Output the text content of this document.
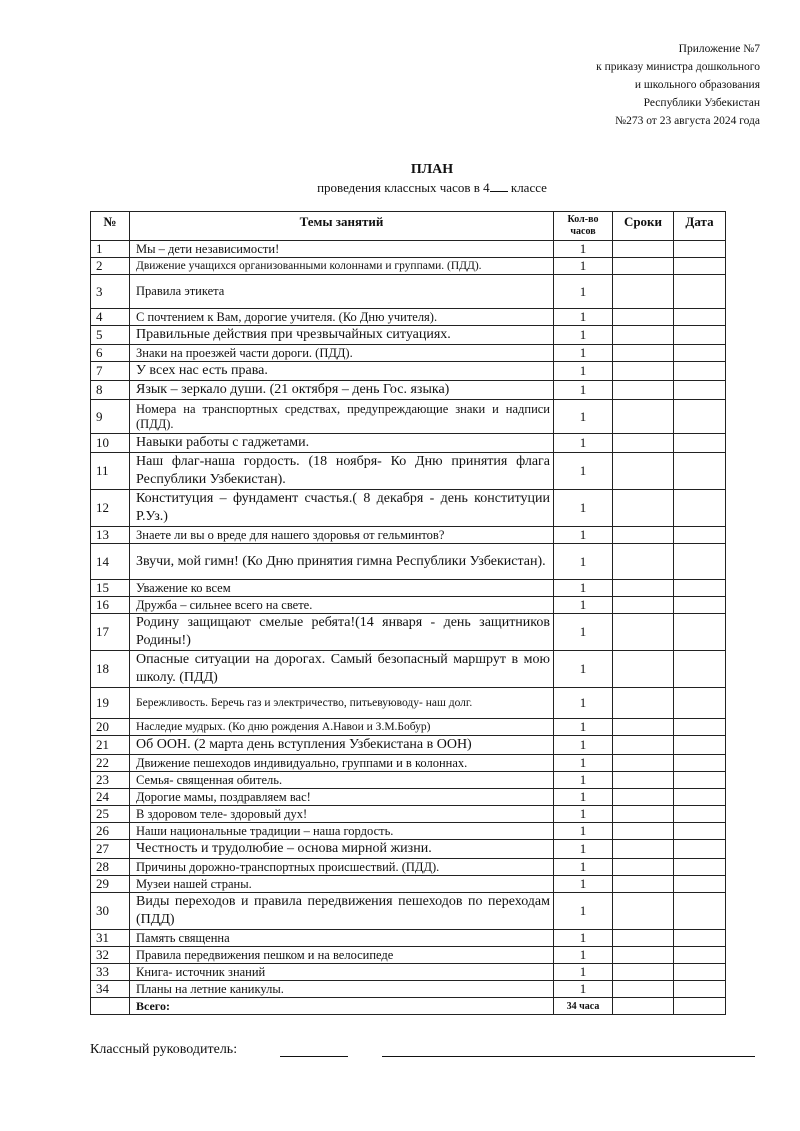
Приложение №7
к приказу министра дошкольного
и школьного образования
Республики Узбекистан
№273 от 23 августа 2024 года
ПЛАН
проведения классных часов в 4 классе
№	Темы занятий	Кол-во часов	Сроки	Дата
1	Мы – дети независимости!	1		
2	Движение учащихся организованными колоннами и группами. (ПДД).	1		
3	Правила этикета	1		
4	С почтением к Вам, дорогие учителя. (Ко Дню учителя).	1		
5	Правильные действия при чрезвычайных ситуациях.	1		
6	Знаки на проезжей части дороги. (ПДД).	1		
7	У всех нас есть права.	1		
8	Язык – зеркало души. (21 октября – день Гос. языка)	1		
9	Номера на транспортных средствах, предупреждающие знаки и надписи (ПДД).	1		
10	Навыки работы с гаджетами.	1		
11	Наш флаг-наша гордость. (18 ноября- Ко Дню принятия флага Республики Узбекистан).	1		
12	Конституция – фундамент счастья.( 8 декабря - день конституции Р.Уз.)	1		
13	Знаете ли вы о вреде для нашего здоровья от гельминтов?	1		
14	Звучи, мой гимн! (Ко Дню принятия гимна Республики Узбекистан).	1		
15	Уважение ко всем	1		
16	Дружба – сильнее всего на свете.	1		
17	Родину защищают смелые ребята!(14 января - день защитников Родины!)	1		
18	Опасные ситуации на дорогах. Самый безопасный маршрут в мою школу. (ПДД)	1		
19	Бережливость. Беречь газ и электричество, питьевуюводу- наш долг.	1		
20	Наследие мудрых. (Ко дню рождения А.Навои и З.М.Бобур)	1		
21	Об ООН. (2 марта день вступления Узбекистана в ООН)	1		
22	Движение пешеходов индивидуально, группами и в колоннах.	1		
23	Семья- священная обитель.	1		
24	Дорогие мамы, поздравляем вас!	1		
25	В здоровом теле- здоровый дух!	1		
26	Наши национальные традиции – наша гордость.	1		
27	Честность и трудолюбие – основа мирной жизни.	1		
28	Причины дорожно-транспортных происшествий. (ПДД).	1		
29	Музеи нашей страны.	1		
30	Виды переходов и правила передвижения пешеходов по переходам (ПДД)	1		
31	Память священна	1		
32	Правила передвижения пешком и на велосипеде	1		
33	Книга- источник знаний	1		
34	Планы на летние каникулы.	1		
	Всего:	34 часа		
Классный руководитель:
